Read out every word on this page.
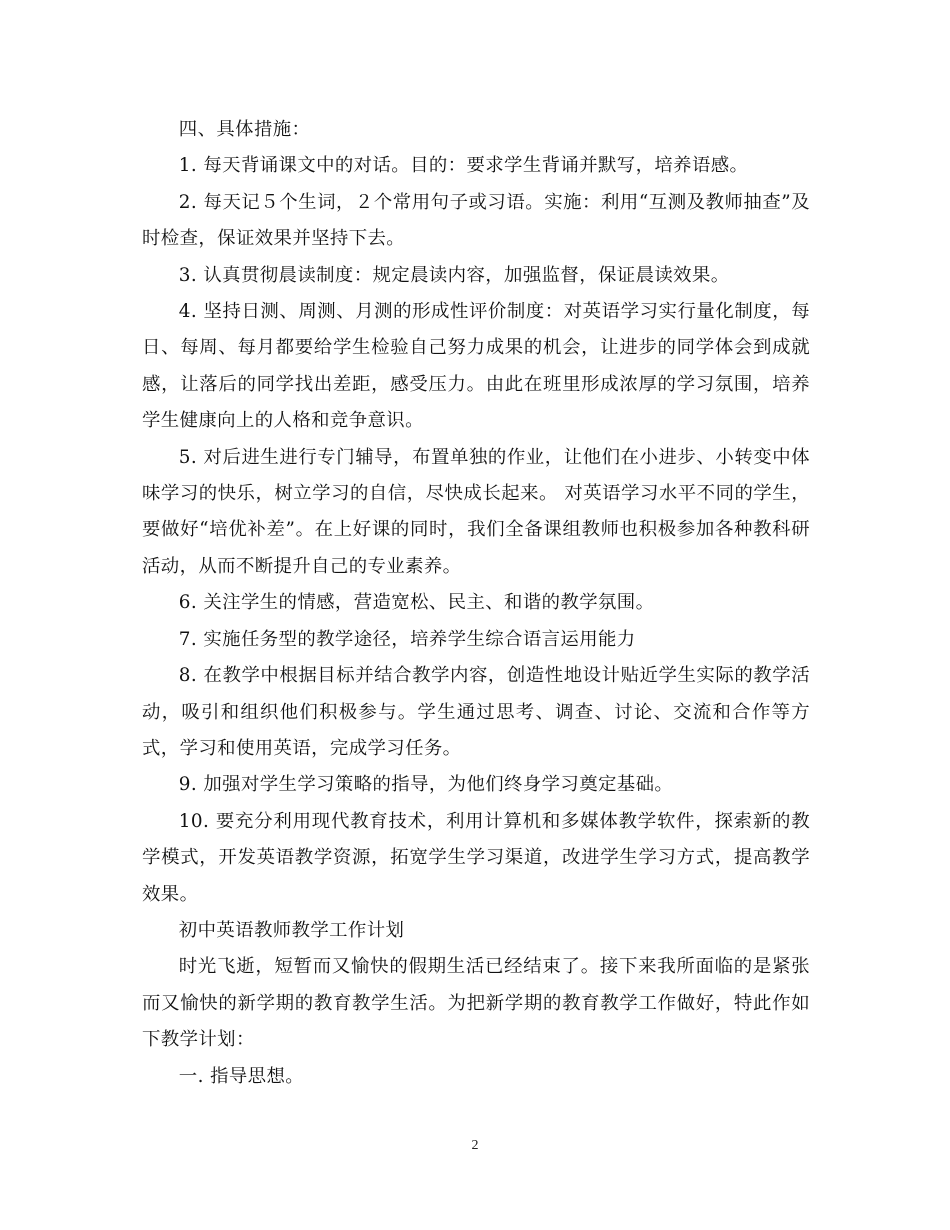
四、具体措施：

1. 每天背诵课文中的对话。目的：要求学生背诵并默写，培养语感。

2. 每天记５个生词，２个常用句子或习语。实施：利用“互测及教师抽查”及时检查，保证效果并坚持下去。

3. 认真贯彻晨读制度：规定晨读内容，加强监督，保证晨读效果。

4. 坚持日测、周测、月测的形成性评价制度：对英语学习实行量化制度，每日、每周、每月都要给学生检验自己努力成果的机会，让进步的同学体会到成就感，让落后的同学找出差距，感受压力。由此在班里形成浓厚的学习氛围，培养学生健康向上的人格和竞争意识。

5. 对后进生进行专门辅导，布置单独的作业，让他们在小进步、小转变中体味学习的快乐，树立学习的自信，尽快成长起来。 对英语学习水平不同的学生，要做好“培优补差”。在上好课的同时，我们全备课组教师也积极参加各种教科研活动，从而不断提升自己的专业素养。

6. 关注学生的情感，营造宽松、民主、和谐的教学氛围。

7. 实施任务型的教学途径，培养学生综合语言运用能力

8. 在教学中根据目标并结合教学内容，创造性地设计贴近学生实际的教学活动，吸引和组织他们积极参与。学生通过思考、调查、讨论、交流和合作等方式，学习和使用英语，完成学习任务。

9. 加强对学生学习策略的指导，为他们终身学习奠定基础。

10. 要充分利用现代教育技术，利用计算机和多媒体教学软件，探索新的教学模式，开发英语教学资源，拓宽学生学习渠道，改进学生学习方式，提高教学效果。

初中英语教师教学工作计划

时光飞逝，短暂而又愉快的假期生活已经结束了。接下来我所面临的是紧张而又愉快的新学期的教育教学生活。为把新学期的教育教学工作做好，特此作如下教学计划：

一. 指导思想。

2
